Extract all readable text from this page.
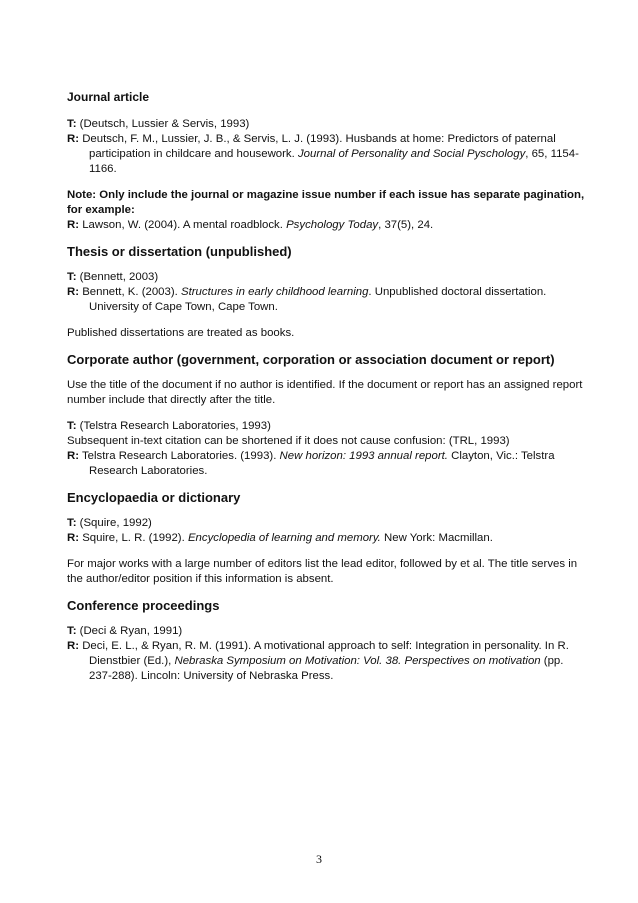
Journal article

T: (Deutsch, Lussier & Servis, 1993)

R: Deutsch, F. M., Lussier, J. B., & Servis, L. J. (1993). Husbands at home: Predictors of paternal participation in childcare and housework. Journal of Personality and Social Pyschology, 65, 1154-1166.

Note: Only include the journal or magazine issue number if each issue has separate pagination, for example:

R: Lawson, W. (2004). A mental roadblock. Psychology Today, 37(5), 24.

Thesis or dissertation (unpublished)

T: (Bennett, 2003)

R: Bennett, K. (2003). Structures in early childhood learning. Unpublished doctoral dissertation. University of Cape Town, Cape Town.

Published dissertations are treated as books.

Corporate author (government, corporation or association document or report)

Use the title of the document if no author is identified. If the document or report has an assigned report number include that directly after the title.

T: (Telstra Research Laboratories, 1993)

Subsequent in-text citation can be shortened if it does not cause confusion: (TRL, 1993)

R: Telstra Research Laboratories. (1993). New horizon: 1993 annual report. Clayton, Vic.: Telstra Research Laboratories.

Encyclopaedia or dictionary

T: (Squire, 1992)

R: Squire, L. R. (1992). Encyclopedia of learning and memory. New York: Macmillan.

For major works with a large number of editors list the lead editor, followed by et al. The title serves in the author/editor position if this information is absent.

Conference proceedings

T: (Deci & Ryan, 1991)

R: Deci, E. L., & Ryan, R. M. (1991). A motivational approach to self: Integration in personality. In R. Dienstbier (Ed.), Nebraska Symposium on Motivation: Vol. 38. Perspectives on motivation (pp. 237-288). Lincoln: University of Nebraska Press.

3
